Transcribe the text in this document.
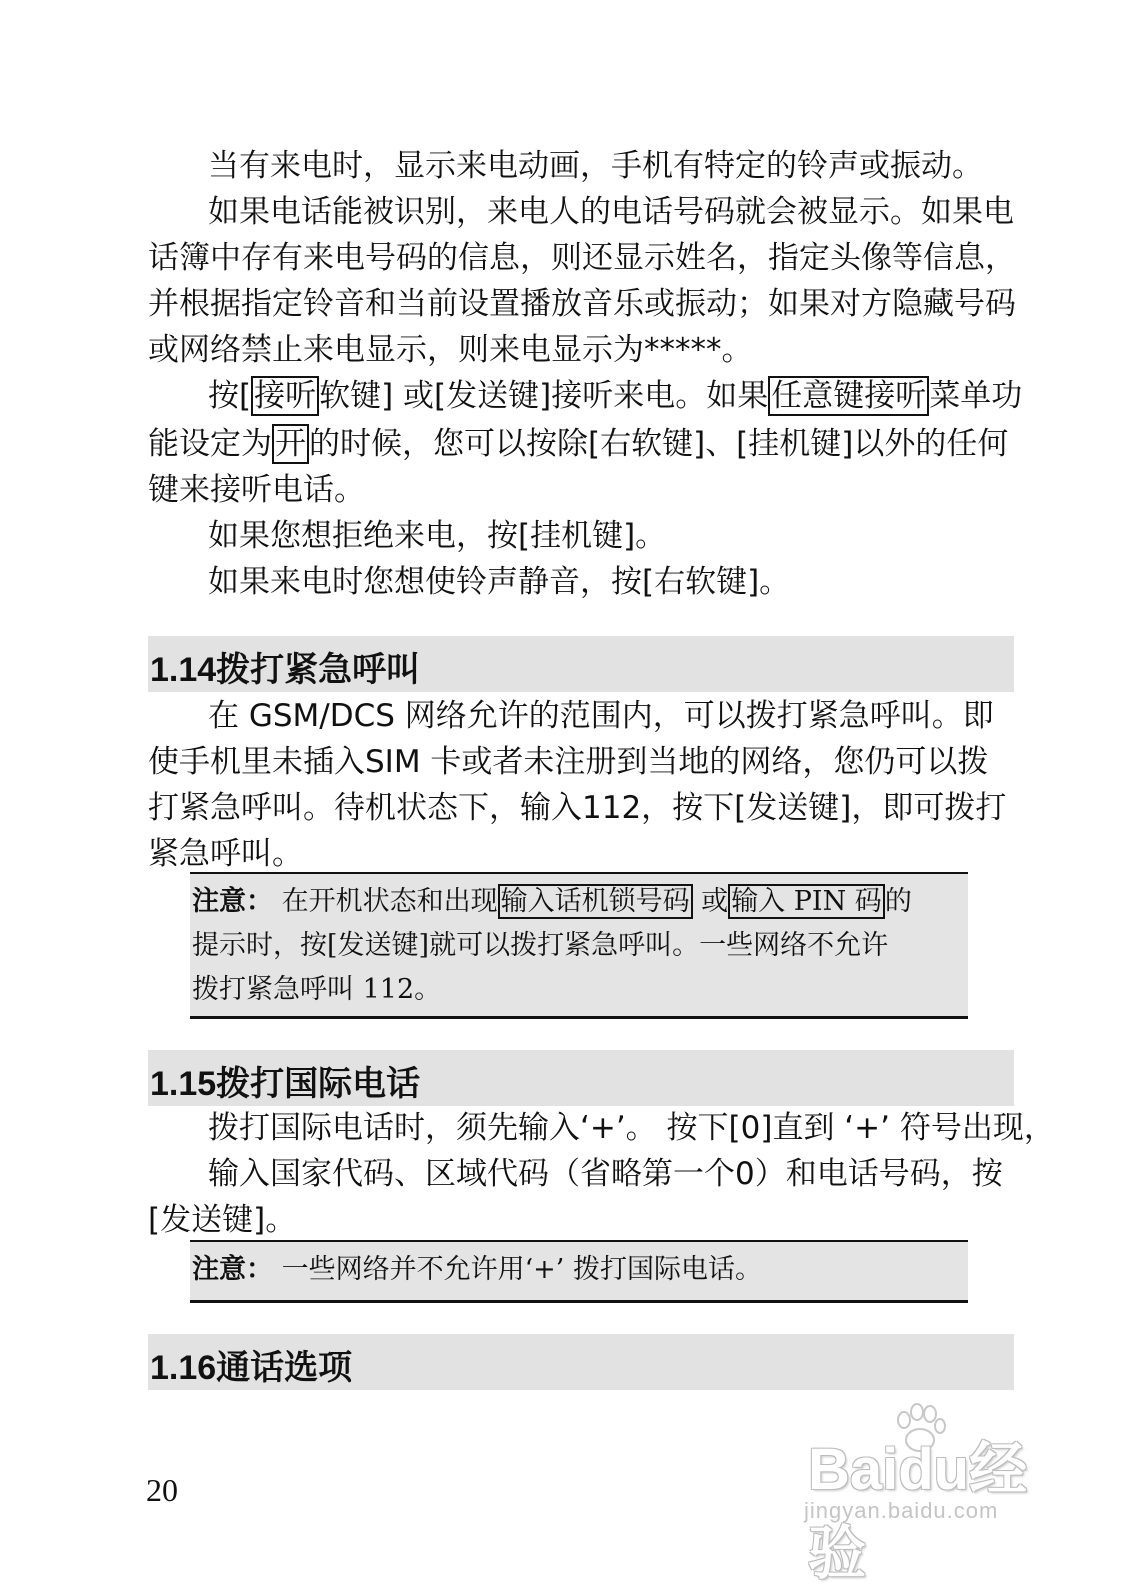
当有来电时，显示来电动画，手机有特定的铃声或振动。
如果电话能被识别，来电人的电话号码就会被显示。如果电
话簿中存有来电号码的信息，则还显示姓名，指定头像等信息，
并根据指定铃音和当前设置播放音乐或振动；如果对方隐藏号码
或网络禁止来电显示，则来电显示为*****。
按[接听软键] 或[发送键]接听来电。如果任意键接听菜单功
能设定为开的时候，您可以按除[右软键]、[挂机键]以外的任何
键来接听电话。
如果您想拒绝来电，按[挂机键]。
如果来电时您想使铃声静音，按[右软键]。
1.14拨打紧急呼叫
在 GSM/DCS 网络允许的范围内，可以拨打紧急呼叫。即
使手机里未插入SIM 卡或者未注册到当地的网络，您仍可以拨
打紧急呼叫。待机状态下，输入112，按下[发送键]，即可拨打
紧急呼叫。
注意： 在开机状态和出现 输入话机锁号码 或 输入 PIN 码 的
提示时，按[发送键]就可以拨打紧急呼叫。一些网络不允许
拨打紧急呼叫 112。
1.15拨打国际电话
拨打国际电话时，须先输入‘+’。 按下[0]直到 ‘+’ 符号出现，
输入国家代码、区域代码（省略第一个0）和电话号码，按
[发送键]。
注意： 一些网络并不允许用‘+’ 拨打国际电话。
1.16通话选项
20	Baidu经验
jingyan.baidu.com
